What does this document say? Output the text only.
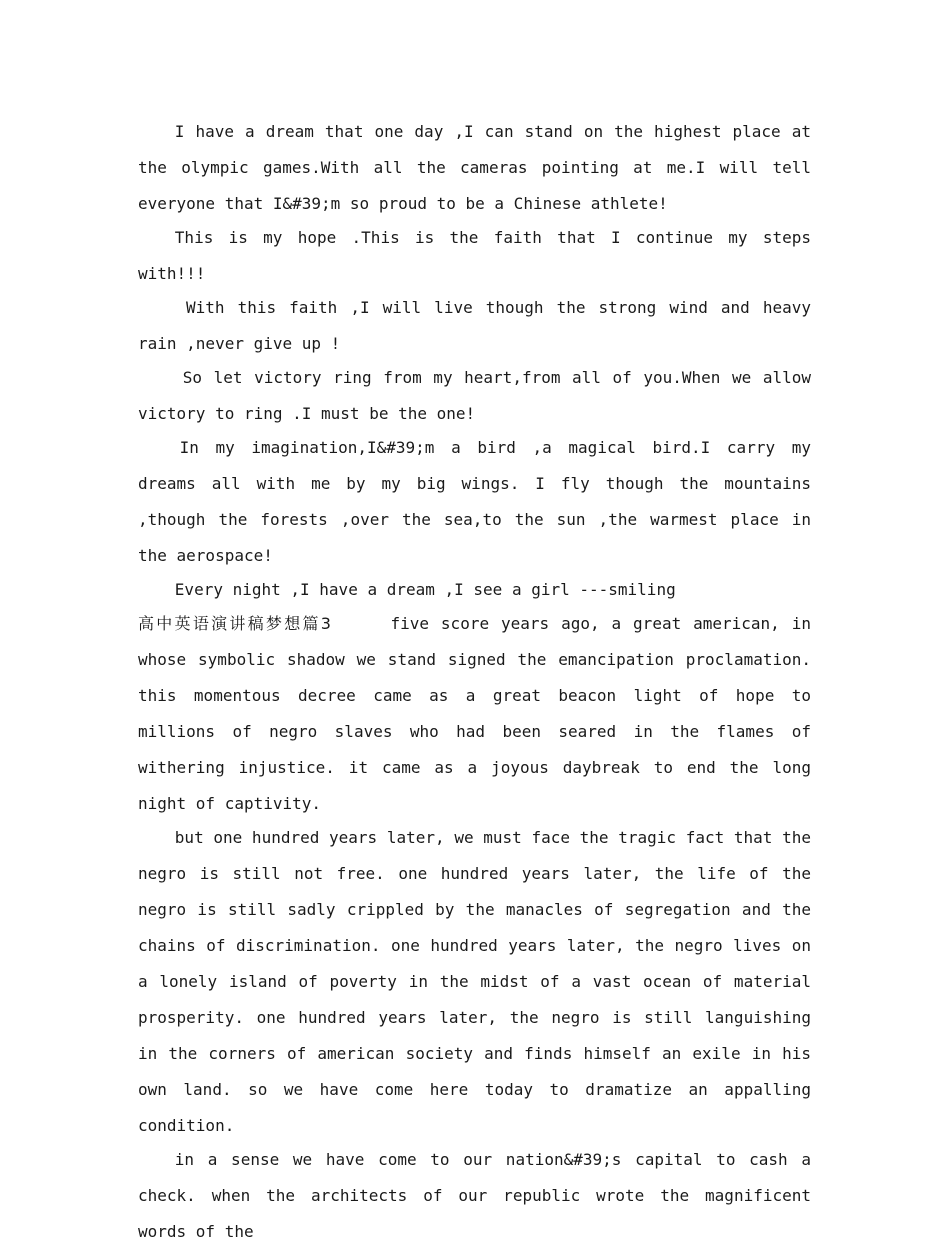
I have a dream that one day ,I can stand on the highest place at the olympic games.With all the cameras pointing at me.I will tell everyone that I&#39;m so proud to be a Chinese athlete!

This is my hope .This is the faith that I continue my steps with!!!

With this faith ,I will live though the strong wind and heavy rain ,never give up !

So let victory ring from my heart,from all of you.When we allow victory to ring .I must be the one!

In my imagination,I&#39;m a bird ,a magical bird.I carry my dreams all with me by my big wings. I fly though the mountains ,though the forests ,over the sea,to the sun ,the warmest place in the aerospace!

Every night ,I have a dream ,I see a girl ---smiling

高中英语演讲稿梦想篇3	five score years ago, a great american, in whose symbolic shadow we stand signed the emancipation proclamation. this momentous decree came as a great beacon light of hope to millions of negro slaves who had been seared in the flames of withering injustice. it came as a joyous daybreak to end the long night of captivity.

but one hundred years later, we must face the tragic fact that the negro is still not free. one hundred years later, the life of the negro is still sadly crippled by the manacles of segregation and the chains of discrimination. one hundred years later, the negro lives on a lonely island of poverty in the midst of a vast ocean of material prosperity. one hundred years later, the negro is still languishing in the corners of american society and finds himself an exile in his own land. so we have come here today to dramatize an appalling condition.

in a sense we have come to our nation&#39;s capital to cash a check. when the architects of our republic wrote the magnificent words of the
